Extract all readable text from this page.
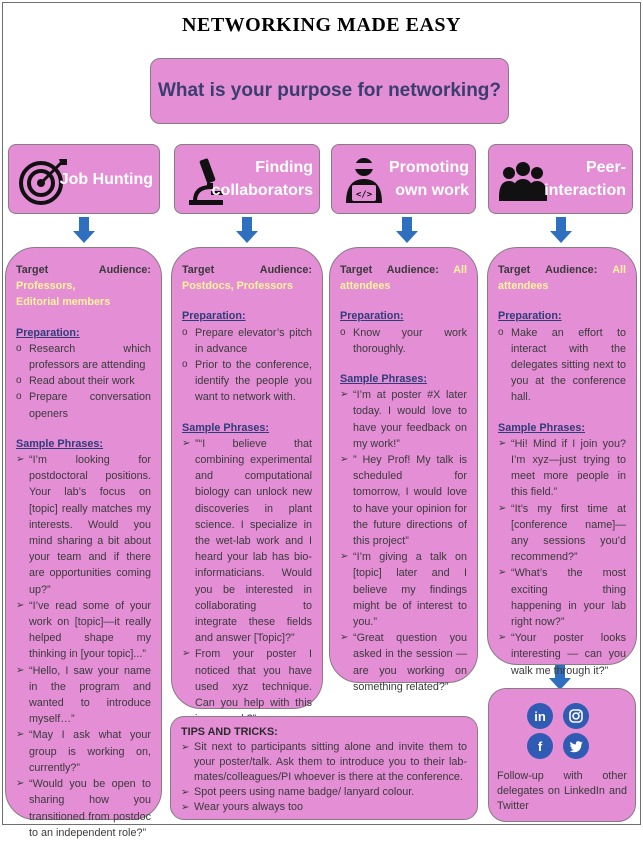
NETWORKING MADE EASY
What is your purpose for networking?
Job Hunting
Finding
collaborators	</>
Promoting
own work
Peer-
interaction
Target Audience: Professors,
Editorial members
Preparation:
o Research which professors are attending
o Read about their work
o Prepare conversation openers
Sample Phrases:
➢ “I’m looking for postdoctoral positions. Your lab’s focus on [topic] really matches my interests. Would you mind sharing a bit about your team and if there are opportunities coming up?”
➢ “I’ve read some of your work on [topic]—it really helped shape my thinking in [your topic]...”
➢ “Hello, I saw your name in the program and wanted to introduce myself…”
➢ “May I ask what your group is working on, currently?”
➢ “Would you be open to sharing how you transitioned from postdoc to an independent role?”
Target Audience:
Postdocs, Professors
Preparation:
o Prepare elevator’s pitch in advance
o Prior to the conference, identify the people you want to network with.
Sample Phrases:
➢ ”“I believe that combining experimental and computational biology can unlock new discoveries in plant science. I specialize in the wet-lab work and I heard your lab has bio-informaticians. Would you be interested in collaborating to integrate these fields and answer [Topic]?”
➢ From your poster I noticed that you have used xyz technique. Can you help with this
Target Audience: All
attendees
Preparation:
o Know your work thoroughly.
Sample Phrases:
➢ “I’m at poster #X later today. I would love to have your feedback on my work!”
➢ ” Hey Prof! My talk is scheduled for tomorrow, I would love to have your opinion for the future directions of this project”
➢ “I’m giving a talk on [topic] later and I believe my findings might be of interest to you.”
➢ “Great question you asked in the session — are you working on something related?”
Target Audience: All
attendees
Preparation:
o Make an effort to interact with the delegates sitting next to you at the conference hall.
Sample Phrases:
➢ “Hi! Mind if I join you? I’m xyz—just trying to meet more people in this field.”
➢ “It’s my first time at [conference name]—any sessions you’d recommend?”
➢ “What’s the most exciting thing happening in your lab right now?”
➢ “Your poster looks interesting — can you walk me through it?”
TIPS AND TRICKS:
➢ Sit next to participants sitting alone and invite them to your poster/talk. Ask them to introduce you to their lab-mates/colleagues/PI whoever is there at the conference.
➢ Spot peers using name badge/ lanyard colour.
➢ Wear yours always too
in
f
Follow-up with other delegates on LinkedIn and Twitter
